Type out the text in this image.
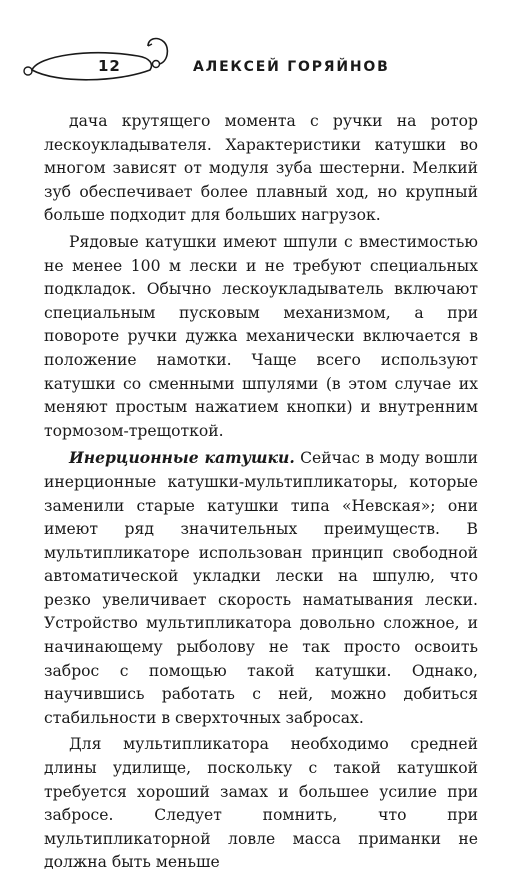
12	АЛЕКСЕЙ ГОРЯЙНОВ

дача крутящего момента с ручки на ротор лескоукладывателя. Характеристики катушки во многом зависят от модуля зуба шестерни. Мелкий зуб обеспечивает более плавный ход, но крупный больше подходит для больших нагрузок.

Рядовые катушки имеют шпули с вместимостью не менее 100 м лески и не требуют специальных подкладок. Обычно лескоукладыватель включают специальным пусковым механизмом, а при повороте ручки дужка механически включается в положение намотки. Чаще всего используют катушки со сменными шпулями (в этом случае их меняют простым нажатием кнопки) и внутренним тормозом-трещоткой.

Инерционные катушки. Сейчас в моду вошли инерционные катушки-мультипликаторы, которые заменили старые катушки типа «Невская»; они имеют ряд значительных преимуществ. В мультипликаторе использован принцип свободной автоматической укладки лески на шпулю, что резко увеличивает скорость наматывания лески. Устройство мультипликатора довольно сложное, и начинающему рыболову не так просто освоить заброс с помощью такой катушки. Однако, научившись работать с ней, можно добиться стабильности в сверхточных забросах.

Для мультипликатора необходимо средней длины удилище, поскольку с такой катушкой требуется хороший замах и большее усилие при забросе. Следует помнить, что при мультипликаторной ловле масса приманки не должна быть меньше
